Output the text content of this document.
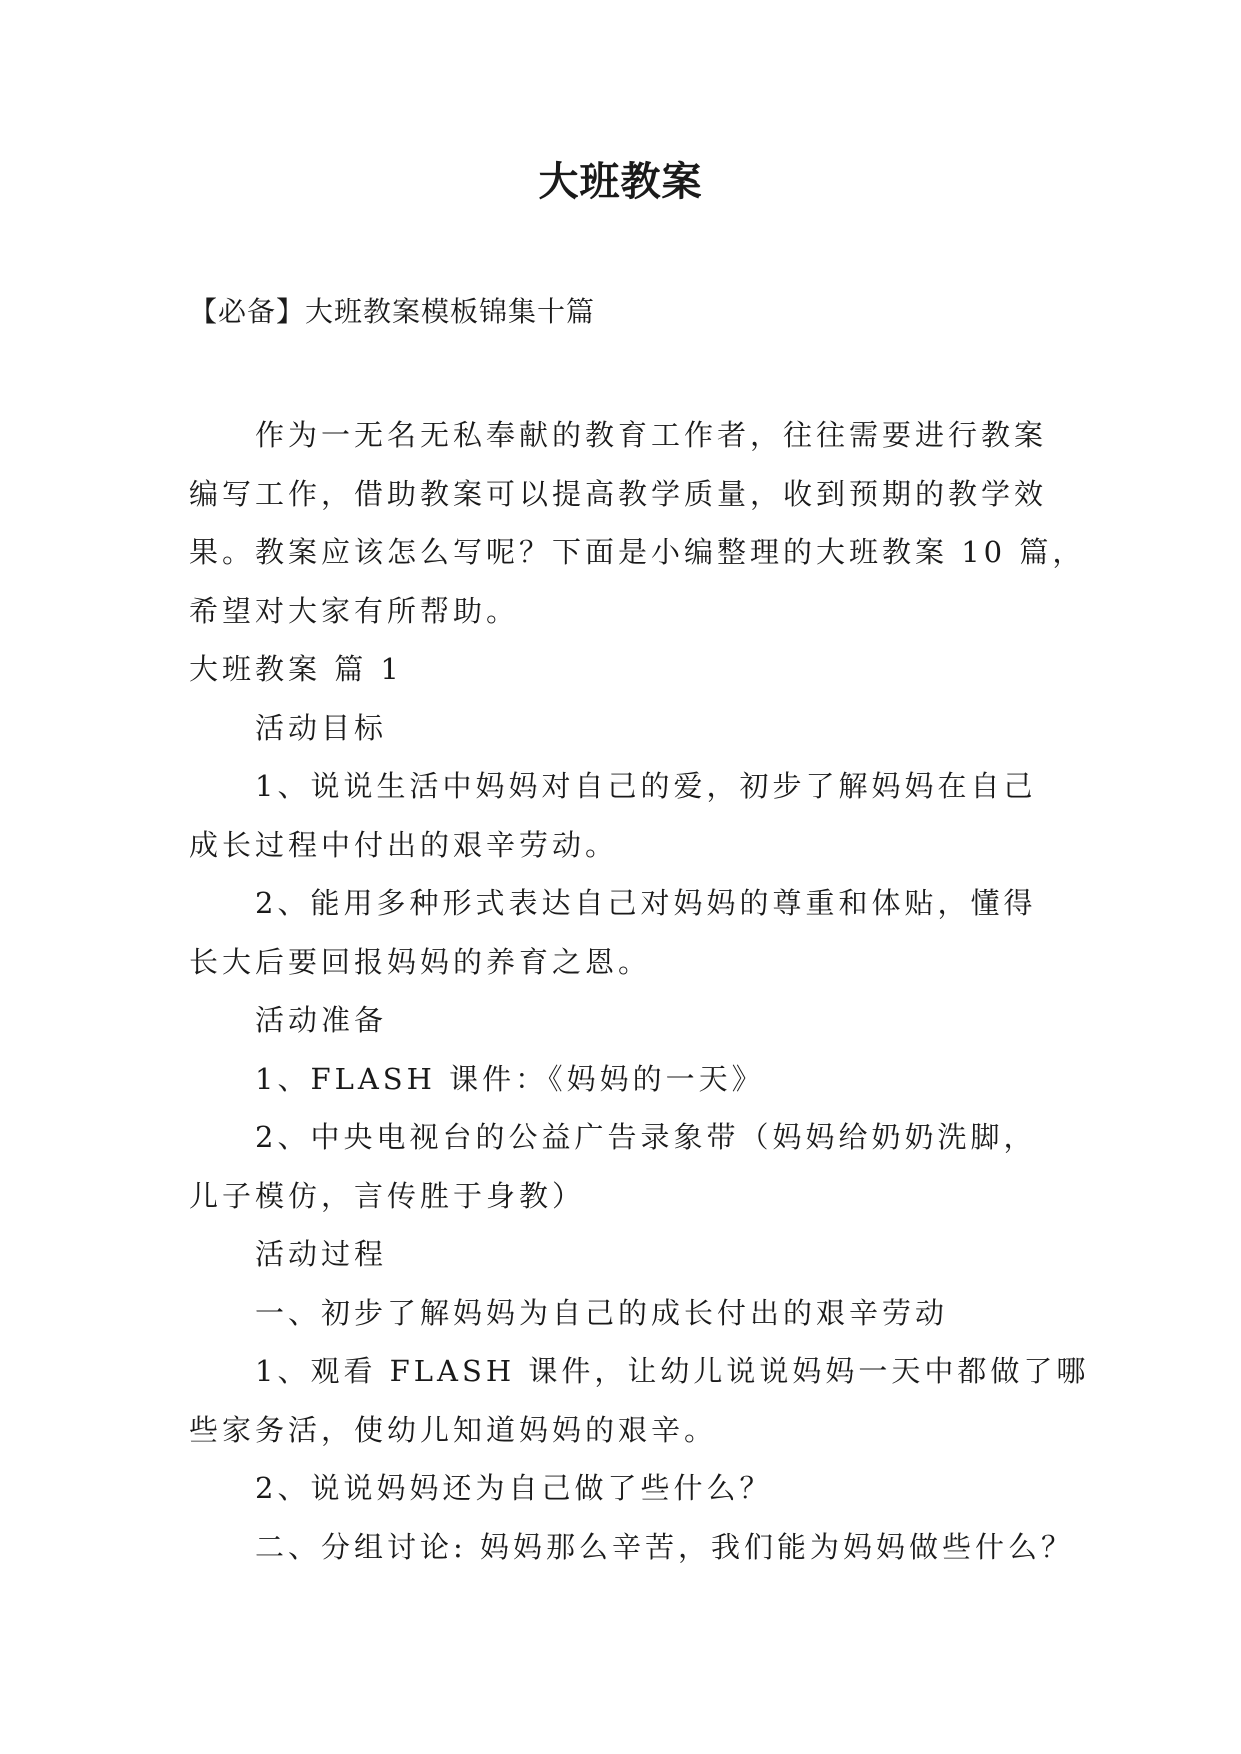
大班教案

【必备】大班教案模板锦集十篇

作为一无名无私奉献的教育工作者，往往需要进行教案

编写工作，借助教案可以提高教学质量，收到预期的教学效

果。教案应该怎么写呢？下面是小编整理的大班教案 10 篇，

希望对大家有所帮助。

大班教案 篇 1

活动目标

1、说说生活中妈妈对自己的爱，初步了解妈妈在自己

成长过程中付出的艰辛劳动。

2、能用多种形式表达自己对妈妈的尊重和体贴，懂得

长大后要回报妈妈的养育之恩。

活动准备

1、FLASH 课件：《妈妈的一天》

2、中央电视台的公益广告录象带（妈妈给奶奶洗脚，

儿子模仿，言传胜于身教）

活动过程

一、初步了解妈妈为自己的成长付出的艰辛劳动

1、观看 FLASH 课件，让幼儿说说妈妈一天中都做了哪

些家务活，使幼儿知道妈妈的艰辛。

2、说说妈妈还为自己做了些什么？

二、分组讨论: 妈妈那么辛苦，我们能为妈妈做些什么？
